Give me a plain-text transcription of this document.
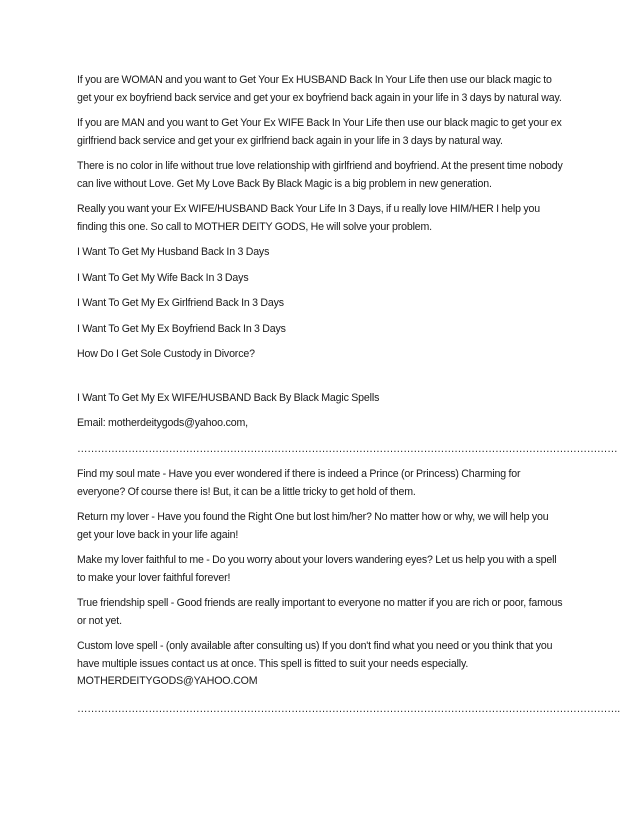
If you are WOMAN and you want to Get Your Ex HUSBAND Back In Your Life then use our black magic to get your ex boyfriend back service and get your ex boyfriend back again in your life in 3 days by natural way.

If you are MAN and you want to Get Your Ex WIFE Back In Your Life then use our black magic to get your ex girlfriend back service and get your ex girlfriend back again in your life in 3 days by natural way.

There is no color in life without true love relationship with girlfriend and boyfriend. At the present time nobody can live without Love. Get My Love Back By Black Magic is a big problem in new generation.

Really you want your Ex WIFE/HUSBAND Back Your Life In 3 Days, if u really love HIM/HER I help you finding this one. So call to MOTHER DEITY GODS, He will solve your problem.

I Want To Get My Husband Back In 3 Days

I Want To Get My Wife Back In 3 Days

I Want To Get My Ex Girlfriend Back In 3 Days

I Want To Get My Ex Boyfriend Back In 3 Days

How Do I Get Sole Custody in Divorce?

I Want To Get My Ex WIFE/HUSBAND Back By Black Magic Spells

Email: motherdeitygods@yahoo.com,

……………………………………………………………………………………………………………………………………………

Find my soul mate - Have you ever wondered if there is indeed a Prince (or Princess) Charming for everyone? Of course there is! But, it can be a little tricky to get hold of them.

Return my lover - Have you found the Right One but lost him/her? No matter how or why, we will help you get your love back in your life again!

Make my lover faithful to me - Do you worry about your lovers wandering eyes? Let us help you with a spell to make your lover faithful forever!

True friendship spell - Good friends are really important to everyone no matter if you are rich or poor, famous or not yet.

Custom love spell - (only available after consulting us) If you don't find what you need or you think that you have multiple issues contact us at once. This spell is fitted to suit your needs especially.

MOTHERDEITYGODS@YAHOO.COM

…………………………………………………………………………………………………………………………………………….
